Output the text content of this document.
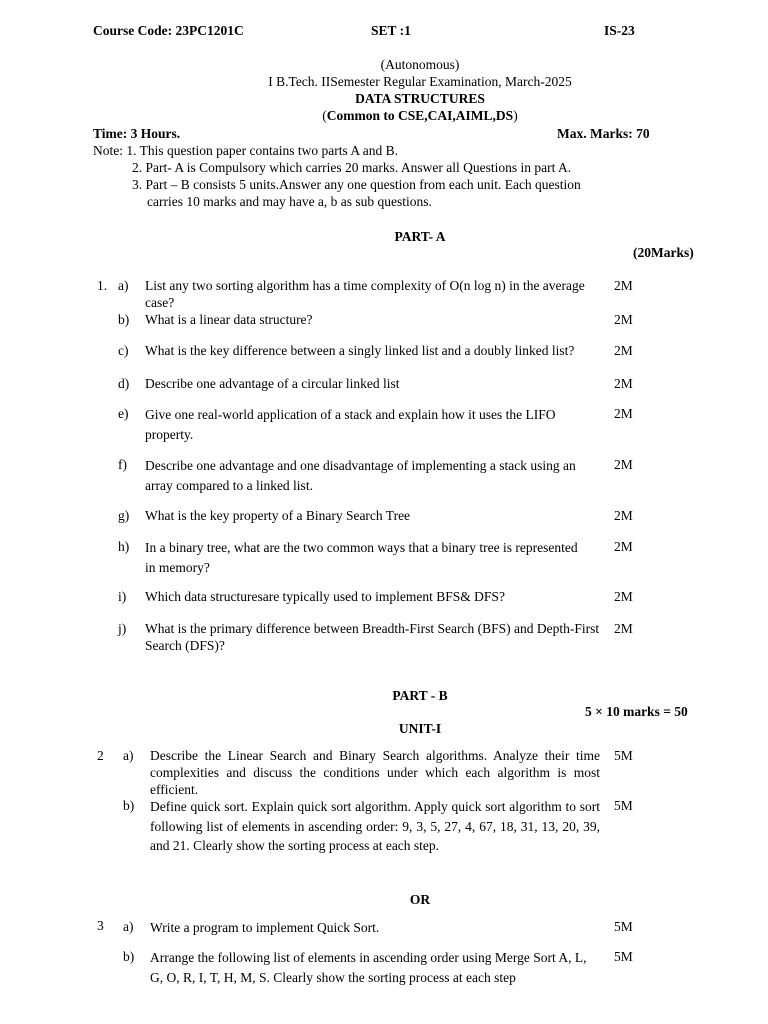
Course Code: 23PC1201C	SET :1	IS-23
(Autonomous)
I B.Tech. IISemester Regular Examination, March-2025
DATA STRUCTURES
(Common to CSE,CAI,AIML,DS)
Time: 3 Hours.	Max. Marks: 70
Note: 1. This question paper contains two parts A and B.
2. Part- A is Compulsory which carries 20 marks. Answer all Questions in part A.
3. Part – B consists 5 units.Answer any one question from each unit. Each question
carries 10 marks and may have a, b as sub questions.
PART- A
(20Marks)
1. a) List any two sorting algorithm has a time complexity of O(n log n) in the average case?
2M
b) What is a linear data structure?	2M
c) What is the key difference between a singly linked list and a doubly linked list?	2M
d) Describe one advantage of a circular linked list	2M
e) Give one real-world application of a stack and explain how it uses the LIFO property.
2M
f) Describe one advantage and one disadvantage of implementing a stack using an array compared to a linked list.
2M
g) What is the key property of a Binary Search Tree	2M
h) In a binary tree, what are the two common ways that a binary tree is represented in memory?
2M
i) Which data structuresare typically used to implement BFS& DFS?	2M
j) What is the primary difference between Breadth-First Search (BFS) and Depth-First Search (DFS)?
2M
PART - B
5 × 10 marks = 50
UNIT-I
2 a) Describe the Linear Search and Binary Search algorithms. Analyze their time complexities and discuss the conditions under which each algorithm is most efficient.
5M
b) Define quick sort. Explain quick sort algorithm. Apply quick sort algorithm to sort following list of elements in ascending order: 9, 3, 5, 27, 4, 67, 18, 31, 13, 20, 39, and 21. Clearly show the sorting process at each step.
5M
OR
3 a) Write a program to implement Quick Sort.	5M
b) Arrange the following list of elements in ascending order using Merge Sort A, L, G, O, R, I, T, H, M, S. Clearly show the sorting process at each step
5M
